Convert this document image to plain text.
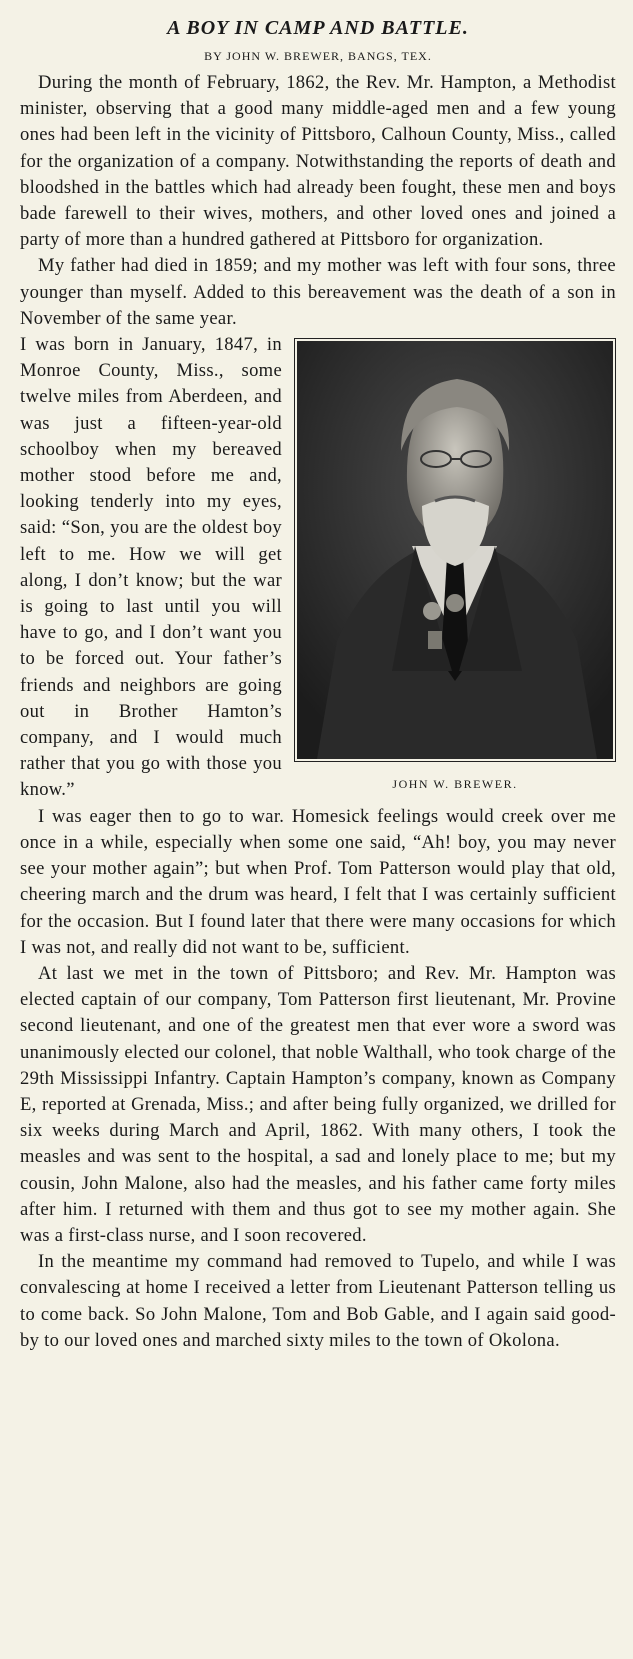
A BOY IN CAMP AND BATTLE.
BY JOHN W. BREWER, BANGS, TEX.

During the month of February, 1862, the Rev. Mr. Hampton, a Methodist minister, observing that a good many middle-aged men and a few young ones had been left in the vicinity of Pittsboro, Calhoun County, Miss., called for the organization of a company. Notwithstanding the reports of death and bloodshed in the battles which had already been fought, these men and boys bade farewell to their wives, mothers, and other loved ones and joined a party of more than a hundred gathered at Pittsboro for organization.

My father had died in 1859; and my mother was left with four sons, three younger than myself. Added to this bereavement was the death of a son in November of the same year.

JOHN W. BREWER.

I was born in January, 1847, in Monroe County, Miss., some twelve miles from Aberdeen, and was just a fifteen-year-old schoolboy when my bereaved mother stood before me and, looking tenderly into my eyes, said: “Son, you are the oldest boy left to me. How we will get along, I don’t know; but the war is going to last until you will have to go, and I don’t want you to be forced out. Your father’s friends and neighbors are going out in Brother Hamton’s company, and I would much rather that you go with those you know.”

I was eager then to go to war. Homesick feelings would creek over me once in a while, especially when some one said, “Ah! boy, you may never see your mother again”; but when Prof. Tom Patterson would play that old, cheering march and the drum was heard, I felt that I was certainly sufficient for the occasion. But I found later that there were many occasions for which I was not, and really did not want to be, sufficient.

At last we met in the town of Pittsboro; and Rev. Mr. Hampton was elected captain of our company, Tom Patterson first lieutenant, Mr. Provine second lieutenant, and one of the greatest men that ever wore a sword was unanimously elected our colonel, that noble Walthall, who took charge of the 29th Mississippi Infantry. Captain Hampton’s company, known as Company E, reported at Grenada, Miss.; and after being fully organized, we drilled for six weeks during March and April, 1862. With many others, I took the measles and was sent to the hospital, a sad and lonely place to me; but my cousin, John Malone, also had the measles, and his father came forty miles after him. I returned with them and thus got to see my mother again. She was a first-class nurse, and I soon recovered.

In the meantime my command had removed to Tupelo, and while I was convalescing at home I received a letter from Lieutenant Patterson telling us to come back. So John Malone, Tom and Bob Gable, and I again said good-by to our loved ones and marched sixty miles to the town of Okolona.
